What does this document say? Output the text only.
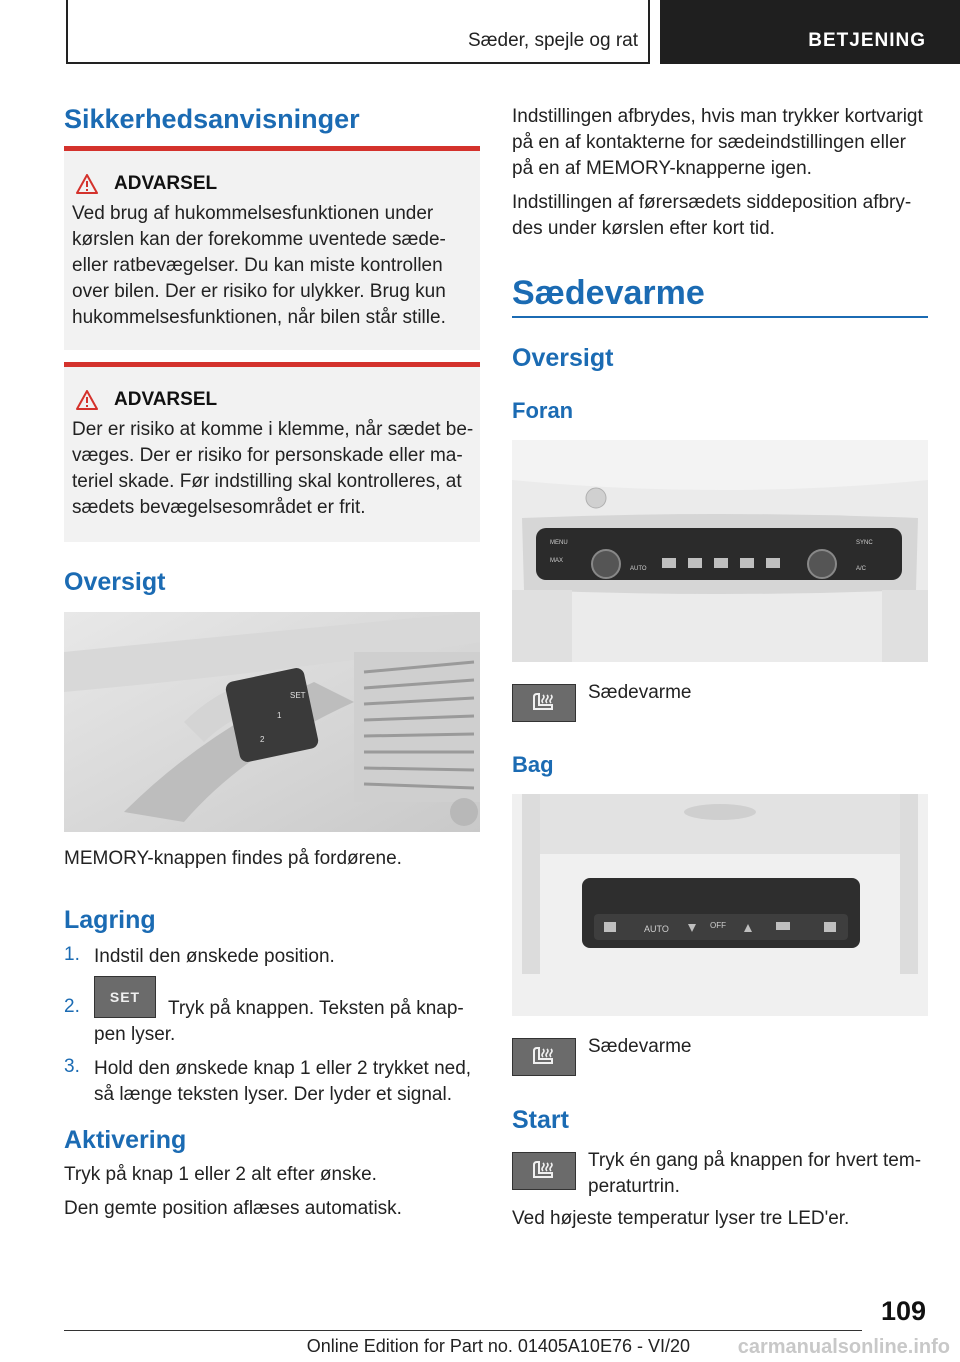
Sæder, spejle og rat	BETJENING
Sikkerhedsanvisninger
ADVARSEL
Ved brug af hukommelsesfunktionen under
kørslen kan der forekomme uventede sæde-
eller ratbevægelser. Du kan miste kontrollen
over bilen. Der er risiko for ulykker. Brug kun
hukommelsesfunktionen, når bilen står stille.
ADVARSEL
Der er risiko at komme i klemme, når sædet be-
væges. Der er risiko for personskade eller ma-
teriel skade. Før indstilling skal kontrolleres, at
sædets bevægelsesområdet er frit.
Oversigt
SET
1
2

MEMORY-knappen findes på fordørene.

Lagring
1. Indstil den ønskede position.
2. SET
Tryk på knappen. Teksten på knap-
pen lyser.
3. Hold den ønskede knap 1 eller 2 trykket ned,
så længe teksten lyser. Der lyder et signal.
Aktivering
Tryk på knap 1 eller 2 alt efter ønske.
Den gemte position aflæses automatisk.
Indstillingen afbrydes, hvis man trykker kortvarigt
på en af kontakterne for sædeindstillingen eller
på en af MEMORY-knapperne igen.
Indstillingen af førersædets siddeposition afbry-
des under kørslen efter kort tid.
Sædevarme
Oversigt
Foran
MENU
MAX
AUTO
SYNC
A/C

Sædevarme

Bag
AUTO	OFF

Sædevarme

Start
Tryk én gang på knappen for hvert tem-
peraturtrin.

Ved højeste temperatur lyser tre LED'er.

109
Online Edition for Part no. 01405A10E76 - VI/20	carmanualsonline.info
